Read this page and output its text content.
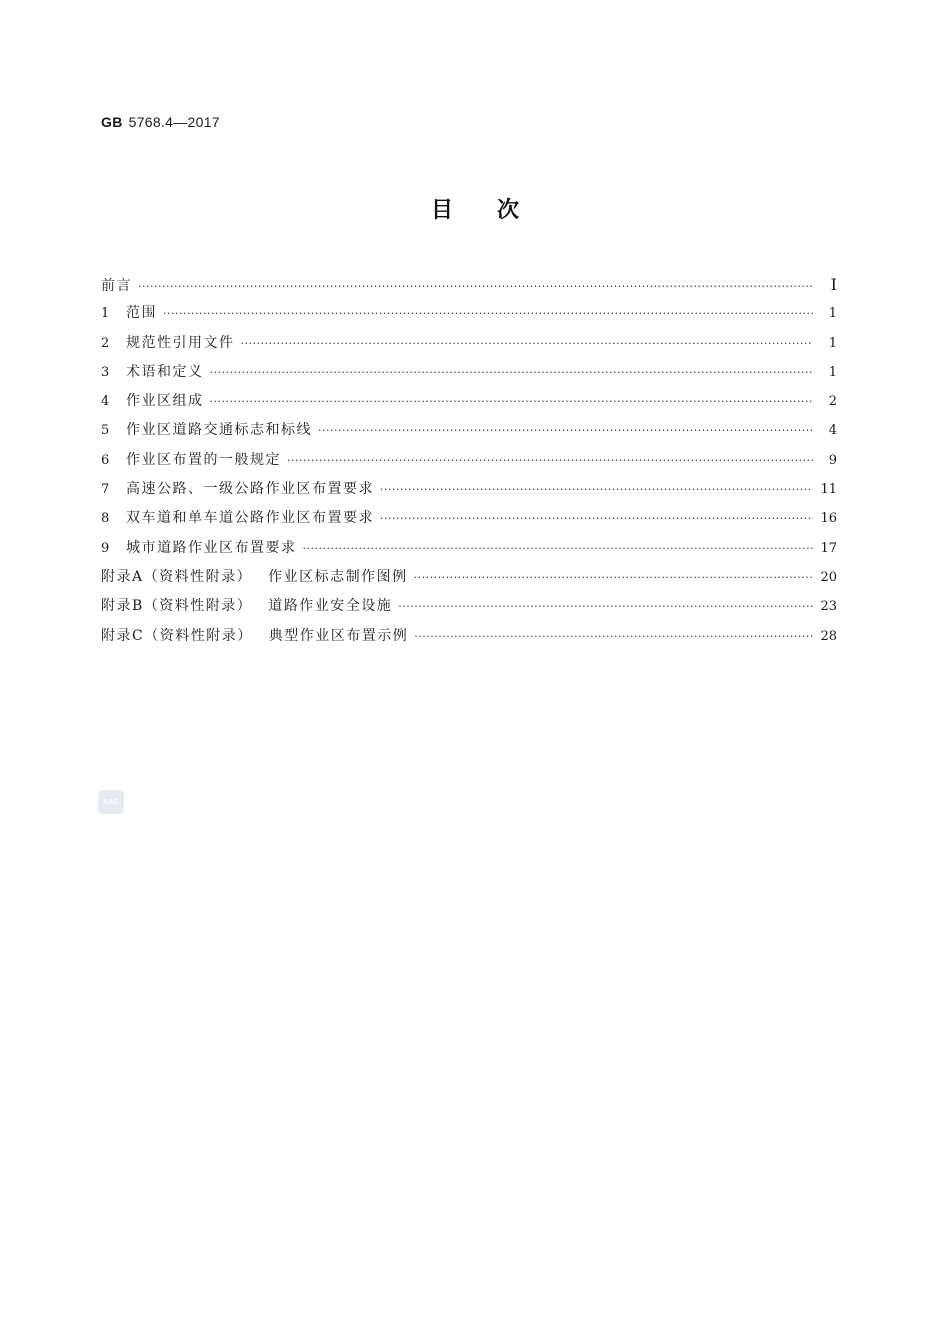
GB 5768.4—2017
目次
前言 ·····	Ⅰ
1	范围 ·····	1
2	规范性引用文件 ·····	1
3	术语和定义 ·····	1
4	作业区组成 ·····	2
5	作业区道路交通标志和标线 ·····	4
6	作业区布置的一般规定 ·····	9
7	高速公路、一级公路作业区布置要求 ·····	11
8	双车道和单车道公路作业区布置要求 ·····	16
9	城市道路作业区布置要求 ·····	17
附录A（资料性附录）	作业区标志制作图例 ·····	20
附录B（资料性附录）	道路作业安全设施 ·····	23
附录C（资料性附录）	典型作业区布置示例 ·····	28
SAC
